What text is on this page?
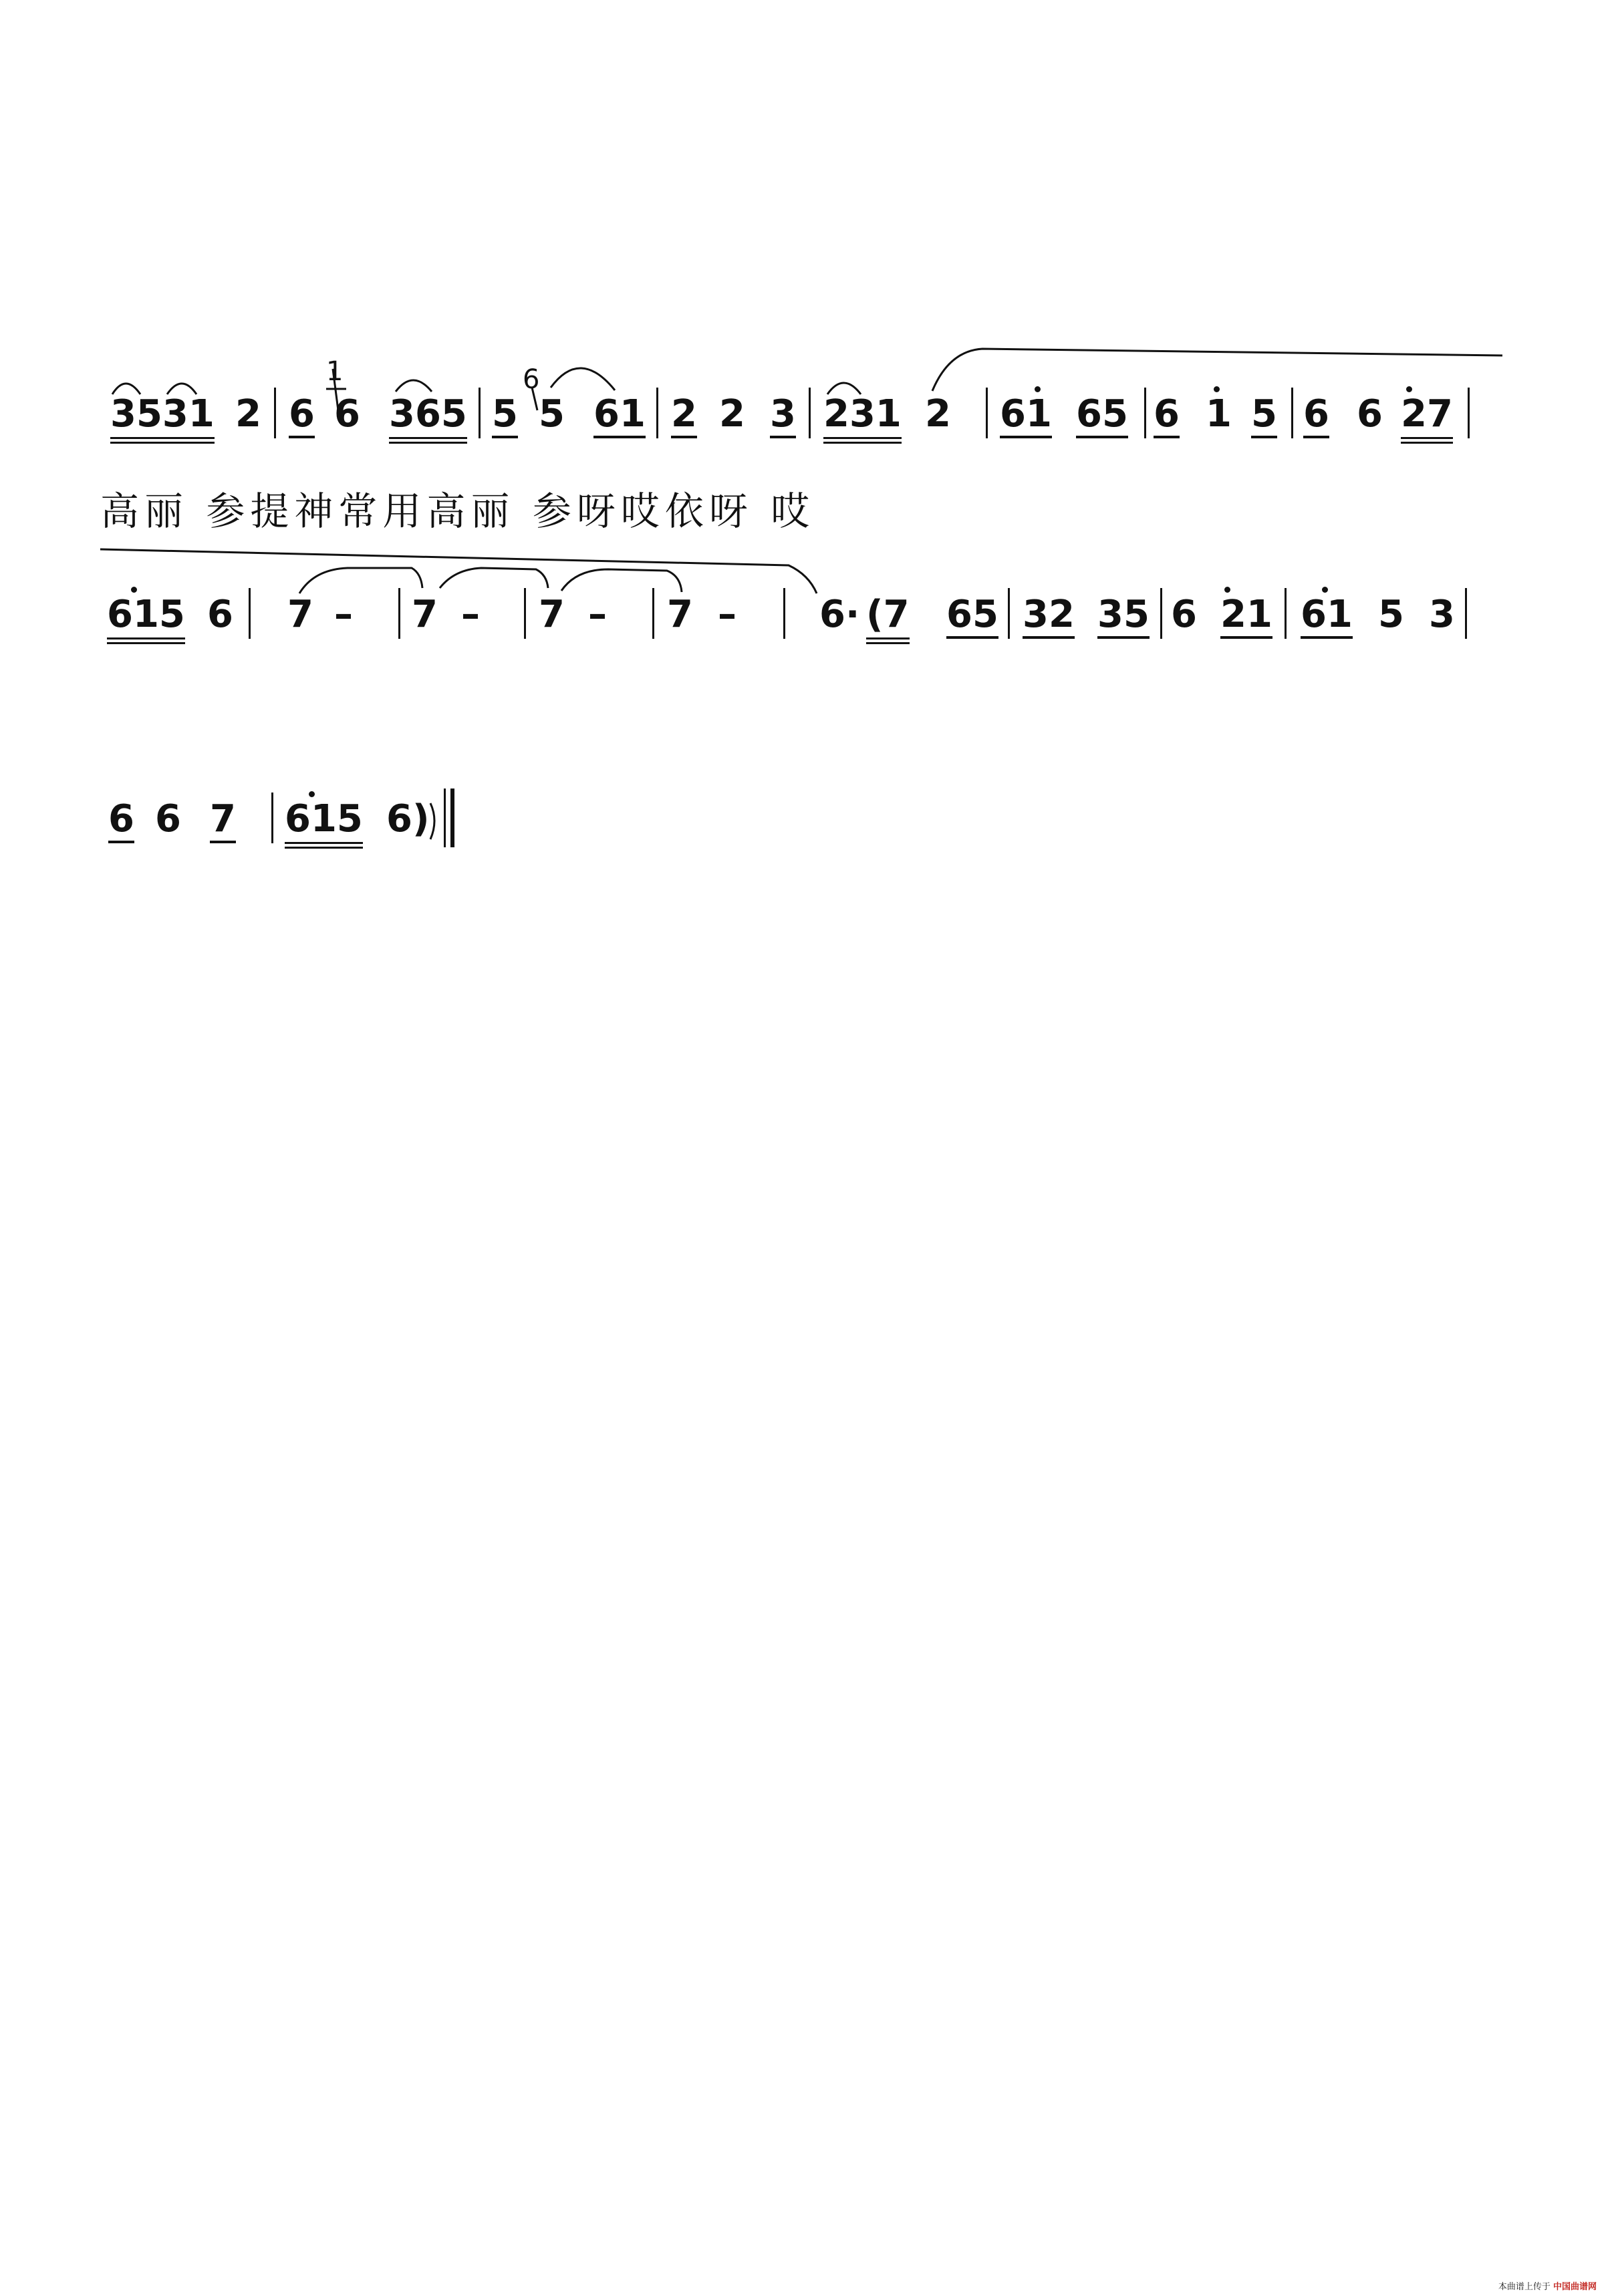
3531 2 6 6 365 5 5 61 2 2 3 231 2 61 65 6 1 5 6 6 27
1	6
高丽 参提神常用高丽 参呀哎依呀 哎
615 6 7 – 7 – 7 – 7 – 6· (7 65 32 35 6 21 61 5 3
6 6 7 615 6)
本曲谱上传于 中国曲谱网
